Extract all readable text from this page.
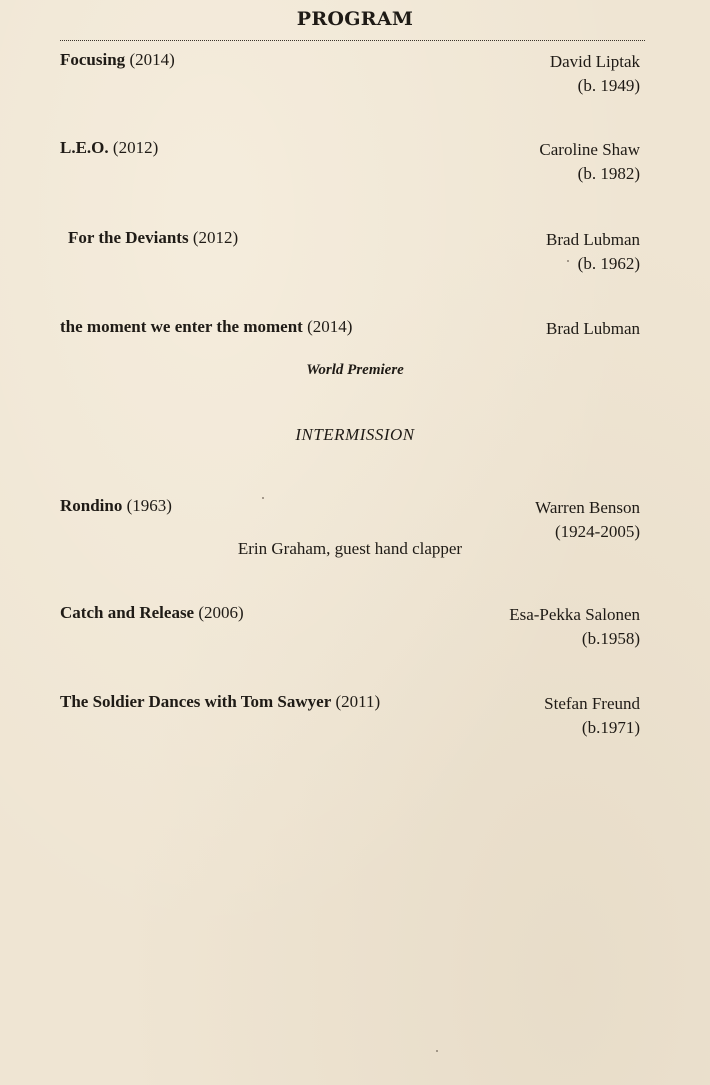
PROGRAM
Focusing (2014)	David Liptak
(b. 1949)
L.E.O. (2012)	Caroline Shaw
(b. 1982)
For the Deviants (2012)	Brad Lubman
(b. 1962)
the moment we enter the moment (2014)	Brad Lubman
World Premiere
INTERMISSION
Rondino (1963)	Warren Benson
(1924-2005)
Erin Graham, guest hand clapper
Catch and Release (2006)	Esa-Pekka Salonen
(b.1958)
The Soldier Dances with Tom Sawyer (2011)	Stefan Freund
(b.1971)
